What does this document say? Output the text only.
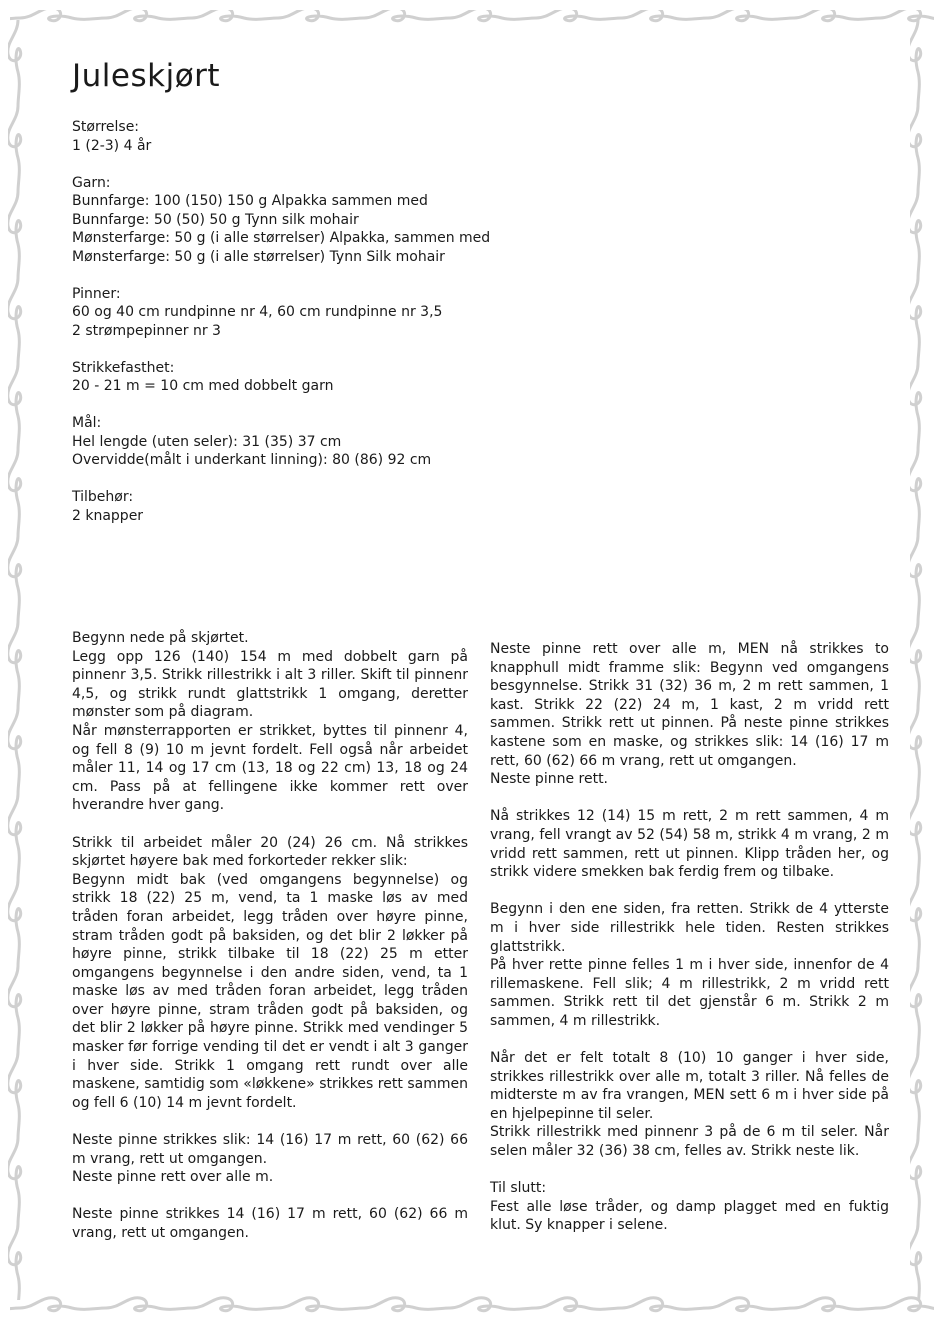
Juleskjørt
Størrelse:
1 (2-3) 4 år
Garn:
Bunnfarge: 100 (150) 150 g Alpakka sammen med
Bunnfarge: 50 (50) 50 g Tynn silk mohair
Mønsterfarge: 50 g (i alle størrelser) Alpakka, sammen med
Mønsterfarge: 50 g (i alle størrelser) Tynn Silk mohair
Pinner:
60 og 40 cm rundpinne nr 4, 60 cm rundpinne nr 3,5
2 strømpepinner nr 3
Strikkefasthet:
20 - 21 m = 10 cm med dobbelt garn
Mål:
Hel lengde (uten seler): 31 (35) 37 cm
Overvidde(målt i underkant linning): 80 (86) 92 cm
Tilbehør:
2 knapper

Begynn nede på skjørtet.
Legg opp 126 (140) 154 m med dobbelt garn på pinnenr 3,5. Strikk rillestrikk i alt 3 riller. Skift til pinnenr 4,5, og strikk rundt glattstrikk 1 omgang, deretter mønster som på diagram.
Når mønsterrapporten er strikket, byttes til pinnenr 4, og fell 8 (9) 10 m jevnt fordelt. Fell også når arbeidet måler 11, 14 og 17 cm (13, 18 og 22 cm) 13, 18 og 24 cm. Pass på at fellingene ikke kommer rett over hverandre hver gang.

Strikk til arbeidet måler 20 (24) 26 cm. Nå strikkes skjørtet høyere bak med forkorteder rekker slik:
Begynn midt bak (ved omgangens begynnelse) og strikk 18 (22) 25 m, vend, ta 1 maske løs av med tråden foran arbeidet, legg tråden over høyre pinne, stram tråden godt på baksiden, og det blir 2 løkker på høyre pinne, strikk tilbake til 18 (22) 25 m etter omgangens begynnelse i den andre siden, vend, ta 1 maske løs av med tråden foran arbeidet, legg tråden over høyre pinne, stram tråden godt på baksiden, og det blir 2 løkker på høyre pinne. Strikk med vendinger 5 masker før forrige vending til det er vendt i alt 3 ganger i hver side. Strikk 1 omgang rett rundt over alle maskene, samtidig som «løkkene» strikkes rett sammen og fell 6 (10) 14 m jevnt fordelt.

Neste pinne strikkes slik: 14 (16) 17 m rett, 60 (62) 66 m vrang, rett ut omgangen.
Neste pinne rett over alle m.

Neste pinne strikkes 14 (16) 17 m rett, 60 (62) 66 m vrang, rett ut omgangen.

Neste pinne rett over alle m, MEN nå strikkes to knapphull midt framme slik: Begynn ved omgangens besgynnelse. Strikk 31 (32) 36 m, 2 m rett sammen, 1 kast. Strikk 22 (22) 24 m, 1 kast, 2 m vridd rett sammen. Strikk rett ut pinnen. På neste pinne strikkes kastene som en maske, og strikkes slik: 14 (16) 17 m rett, 60 (62) 66 m vrang, rett ut omgangen.
Neste pinne rett.

Nå strikkes 12 (14) 15 m rett, 2 m rett sammen, 4 m vrang, fell vrangt av 52 (54) 58 m, strikk 4 m vrang, 2 m vridd rett sammen, rett ut pinnen. Klipp tråden her, og strikk videre smekken bak ferdig frem og tilbake.

Begynn i den ene siden, fra retten. Strikk de 4 ytterste m i hver side rillestrikk hele tiden. Resten strikkes glattstrikk.
På hver rette pinne felles 1 m i hver side, innenfor de 4 rillemaskene. Fell slik; 4 m rillestrikk, 2 m vridd rett sammen. Strikk rett til det gjenstår 6 m. Strikk 2 m sammen, 4 m rillestrikk.

Når det er felt totalt 8 (10) 10 ganger i hver side, strikkes rillestrikk over alle m, totalt 3 riller. Nå felles de midterste m av fra vrangen, MEN sett 6 m i hver side på en hjelpepinne til seler.
Strikk rillestrikk med pinnenr 3 på de 6 m til seler. Når selen måler 32 (36) 38 cm, felles av. Strikk neste lik.

Til slutt:
Fest alle løse tråder, og damp plagget med en fuktig klut. Sy knapper i selene.
